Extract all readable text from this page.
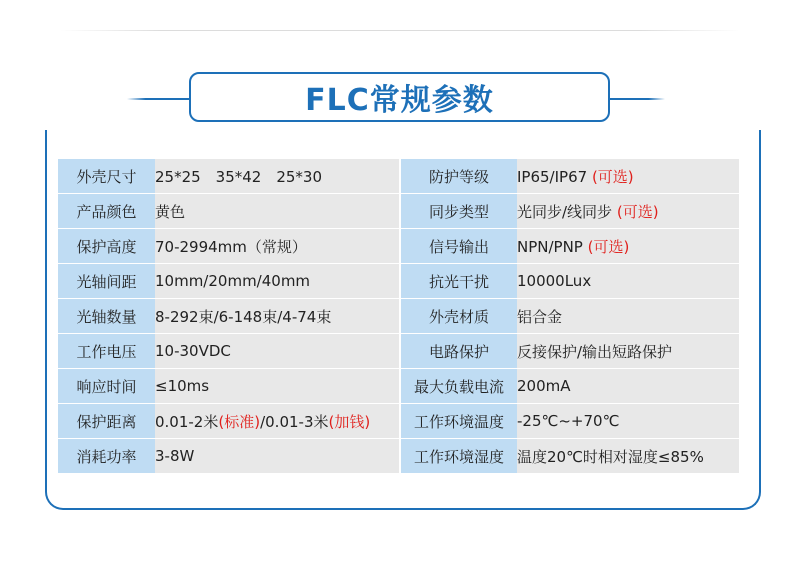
FLC常规参数
外壳尺寸	25*25　35*42　25*30		防护等级	IP65/IP67 (可选)
产品颜色	黄色		同步类型	光同步/线同步 (可选)
保护高度	70-2994mm（常规）		信号输出	NPN/PNP (可选)
光轴间距	10mm/20mm/40mm		抗光干扰	10000Lux
光轴数量	8-292束/6-148束/4-74束		外壳材质	铝合金
工作电压	10-30VDC		电路保护	反接保护/输出短路保护
响应时间	≤10ms		最大负载电流	200mA
保护距离	0.01-2米(标准)/0.01-3米(加钱)		工作环境温度	-25℃~+70℃
消耗功率	3-8W		工作环境湿度	温度20℃时相对湿度≤85%
